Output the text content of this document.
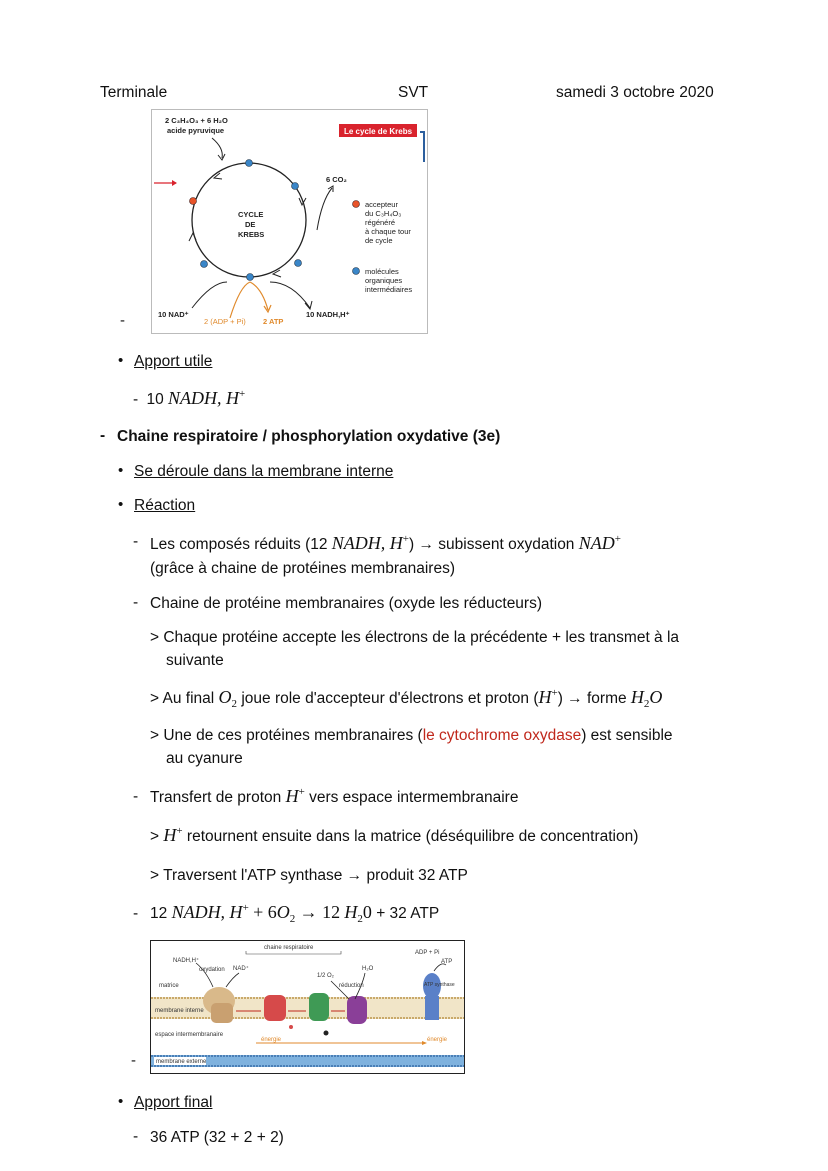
Terminale	SVT	samedi 3 octobre 2020
2 C₃H₄O₃ + 6 H₂O
acide pyruvique	Le cycle de Krebs
CYCLE
DE
KREBS
6 CO₂
accepteur
du C₃H₄O₃
régénéré
à chaque tour
de cycle
molécules
organiques
intermédiaires
10 NAD⁺
2 (ADP + Pi) 2 ATP
10 NADH,H⁺
-
• Apport utile
- 10 NADH, H+
- Chaine respiratoire / phosphorylation oxydative (3e)
• Se déroule dans la membrane interne
• Réaction
- Les composés réduits (12 NADH, H+) → subissent oxydation NAD+
(grâce à chaine de protéines membranaires)
- Chaine de protéine membranaires (oxyde les réducteurs)
> Chaque protéine accepte les électrons de la précédente + les transmet à la
suivante
> Au final $O_2$ joue role d'accepteur d'électrons et proton (H+) → forme $H_2O$
> Une de ces protéines membranaires (le cytochrome oxydase) est sensible
au cyanure
- Transfert de proton H+ vers espace intermembranaire
> H+ retournent ensuite dans la matrice (déséquilibre de concentration)
> Traversent l'ATP synthase → produit 32 ATP
- 12 NADH, $H^+ + 6O_2 \to 12$ $H_20 + 32$ ATP
chaine respiratoire
NADH,H⁺
oxydation NAD⁺
1/2 O₂
H₂O
réduction
ADP + Pi
ATP
matrice
membrane interne
espace intermembranaire
ATP synthase
énergie	énergie
membrane externe
-
• Apport final
- 36 ATP (32 + 2 + 2)
